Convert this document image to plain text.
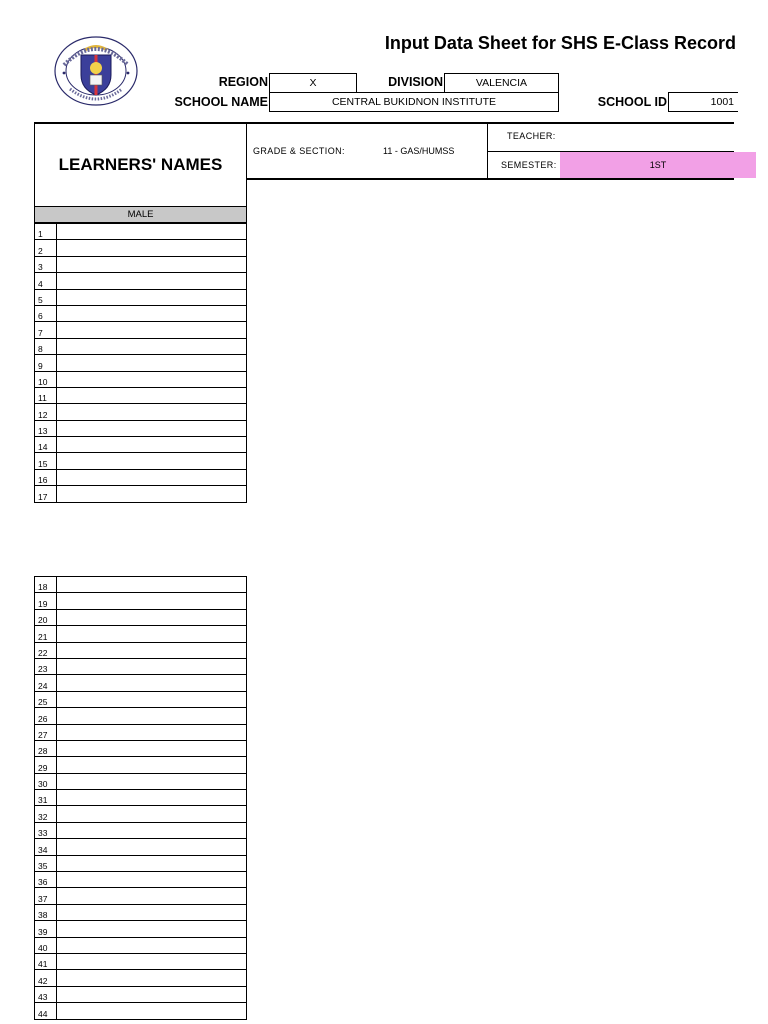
Input Data Sheet for SHS E-Class Record
REGION	X	DIVISION	VALENCIA
SCHOOL NAME	CENTRAL BUKIDNON INSTITUTE	SCHOOL ID	1001
LEARNERS' NAMES
GRADE & SECTION:	11 - GAS/HUMSS
TEACHER:
SEMESTER:	1ST
MALE
1	
2	
3	
4	
5	
6	
7	
8	
9	
10	
11	
12	
13	
14	
15	
16	
17	
18	
19	
20	
21	
22	
23	
24	
25	
26	
27	
28	
29	
30	
31	
32	
33	
34	
35	
36	
37	
38	
39	
40	
41	
42	
43	
44	
